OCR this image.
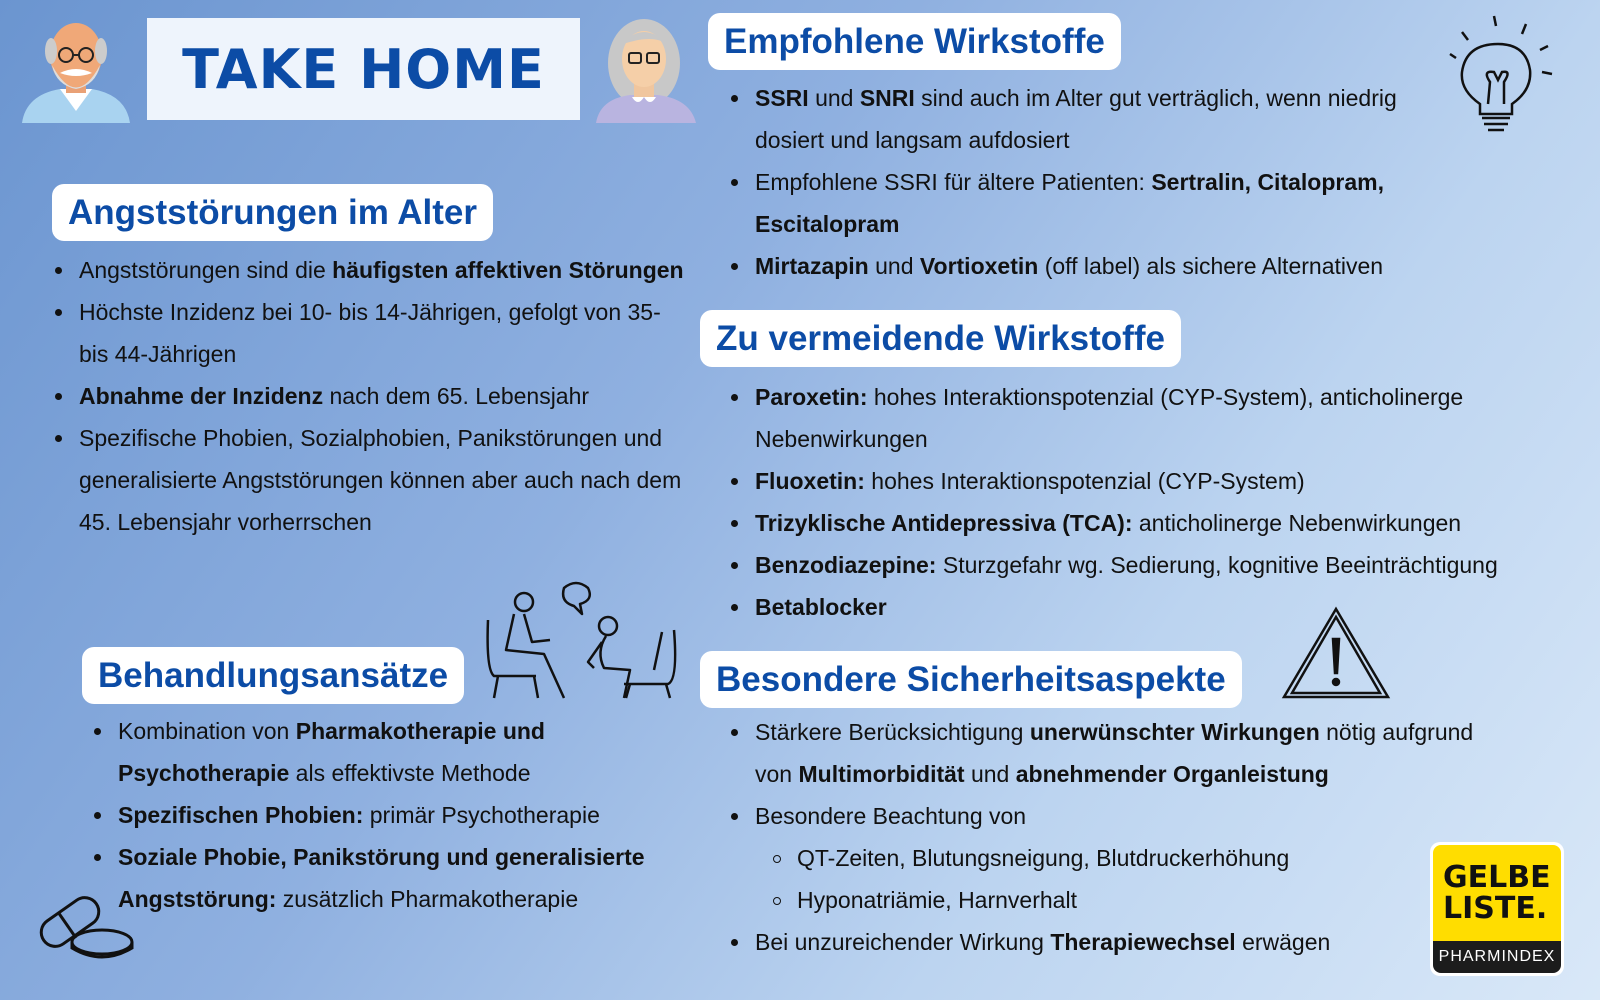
TAKE HOME
Angststörungen im Alter
Angststörungen sind die häufigsten affektiven Störungen
Höchste Inzidenz bei 10- bis 14-Jährigen, gefolgt von 35- bis 44-Jährigen
Abnahme der Inzidenz nach dem 65. Lebensjahr
Spezifische Phobien, Sozialphobien, Panikstörungen und generalisierte Angststörungen können aber auch nach dem 45. Lebensjahr vorherrschen
Behandlungsansätze
Kombination von Pharmakotherapie und Psychotherapie als effektivste Methode
Spezifischen Phobien: primär Psychotherapie
Soziale Phobie, Panikstörung und generalisierte Angststörung: zusätzlich Pharmakotherapie
Empfohlene Wirkstoffe
SSRI und SNRI sind auch im Alter gut verträglich, wenn niedrig dosiert und langsam aufdosiert
Empfohlene SSRI für ältere Patienten: Sertralin, Citalopram, Escitalopram
Mirtazapin und Vortioxetin (off label) als sichere Alternativen
Zu vermeidende Wirkstoffe
Paroxetin: hohes Interaktionspotenzial (CYP-System), anticholinerge Nebenwirkungen
Fluoxetin: hohes Interaktionspotenzial (CYP-System)
Trizyklische Antidepressiva (TCA): anticholinerge Nebenwirkungen
Benzodiazepine: Sturzgefahr wg. Sedierung, kognitive Beeinträchtigung
Betablocker
Besondere Sicherheitsaspekte
Stärkere Berücksichtigung unerwünschter Wirkungen nötig aufgrund von Multimorbidität und abnehmender Organleistung
Besondere Beachtung von
QT-Zeiten, Blutungsneigung, Blutdruckerhöhung
Hyponatriämie, Harnverhalt
Bei unzureichender Wirkung Therapiewechsel erwägen
GELBE
LISTE.
PHARMINDEX
